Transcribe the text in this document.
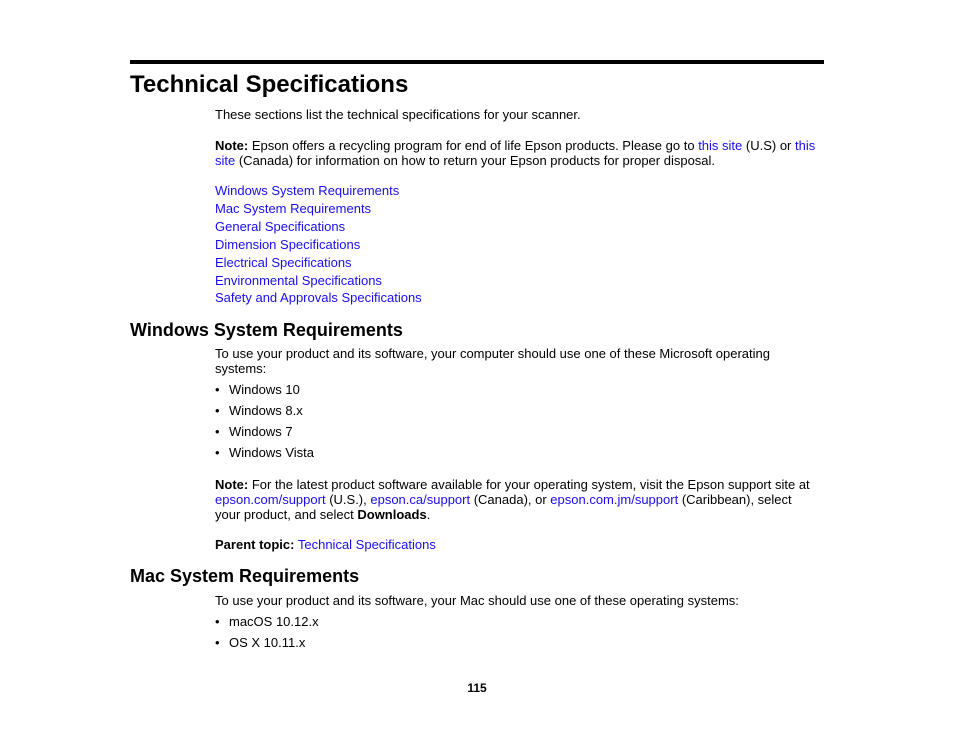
Technical Specifications

These sections list the technical specifications for your scanner.

Note: Epson offers a recycling program for end of life Epson products. Please go to this site (U.S) or this
site (Canada) for information on how to return your Epson products for proper disposal.

Windows System Requirements
Mac System Requirements
General Specifications
Dimension Specifications
Electrical Specifications
Environmental Specifications
Safety and Approvals Specifications
Windows System Requirements

To use your product and its software, your computer should use one of these Microsoft operating
systems:

• Windows 10
• Windows 8.x
• Windows 7
• Windows Vista

Note: For the latest product software available for your operating system, visit the Epson support site at
epson.com/support (U.S.), epson.ca/support (Canada), or epson.com.jm/support (Caribbean), select
your product, and select Downloads.

Parent topic: Technical Specifications

Mac System Requirements

To use your product and its software, your Mac should use one of these operating systems:

• macOS 10.12.x
• OS X 10.11.x
115
